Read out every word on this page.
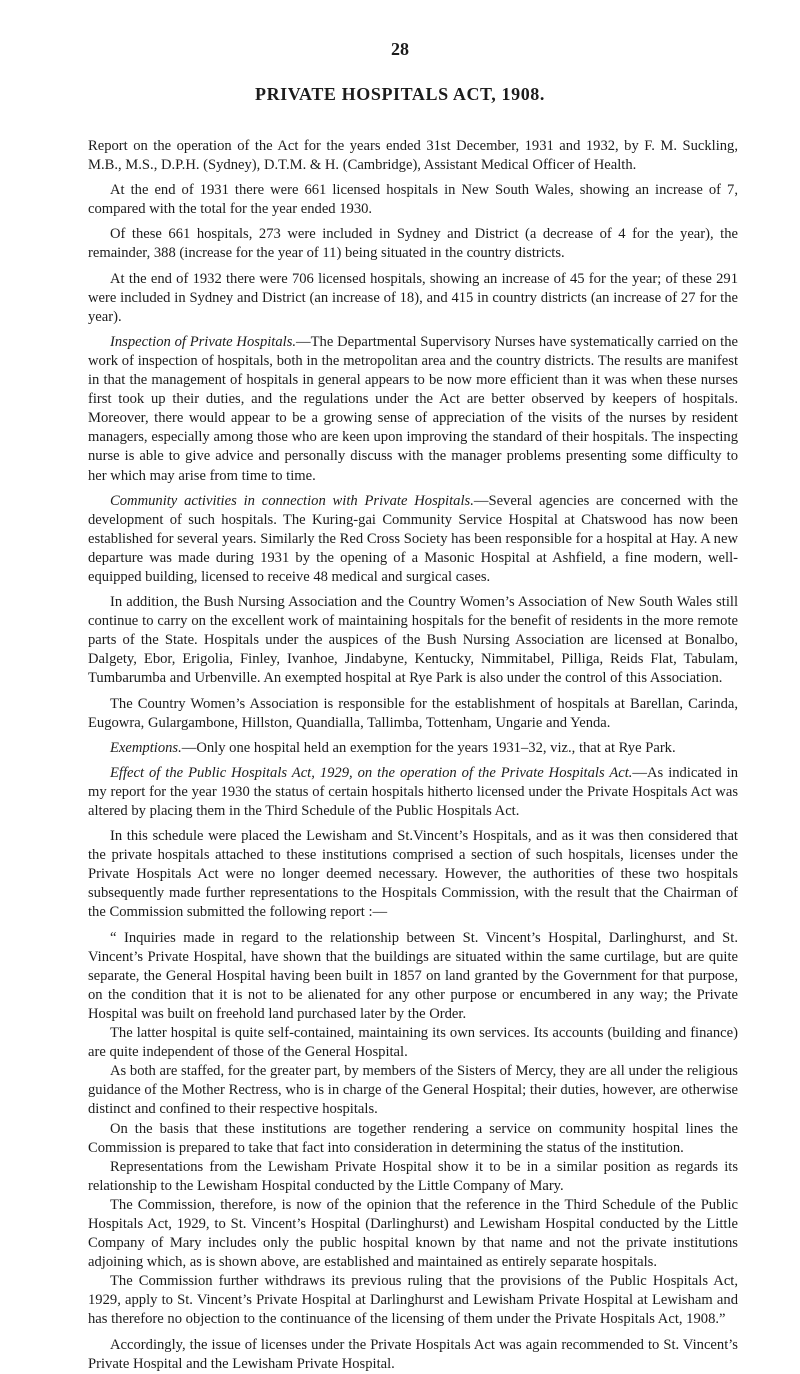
28
PRIVATE HOSPITALS ACT, 1908.

Report on the operation of the Act for the years ended 31st December, 1931 and 1932, by F. M. Suckling, M.B., M.S., D.P.H. (Sydney), D.T.M. & H. (Cambridge), Assistant Medical Officer of Health.

At the end of 1931 there were 661 licensed hospitals in New South Wales, showing an increase of 7, compared with the total for the year ended 1930.

Of these 661 hospitals, 273 were included in Sydney and District (a decrease of 4 for the year), the remainder, 388 (increase for the year of 11) being situated in the country districts.

At the end of 1932 there were 706 licensed hospitals, showing an increase of 45 for the year; of these 291 were included in Sydney and District (an increase of 18), and 415 in country districts (an increase of 27 for the year).

Inspection of Private Hospitals.—The Departmental Supervisory Nurses have systematically carried on the work of inspection of hospitals, both in the metropolitan area and the country districts. The results are manifest in that the management of hospitals in general appears to be now more efficient than it was when these nurses first took up their duties, and the regulations under the Act are better observed by keepers of hospitals. Moreover, there would appear to be a growing sense of appreciation of the visits of the nurses by resident managers, especially among those who are keen upon improving the standard of their hospitals. The inspecting nurse is able to give advice and personally discuss with the manager problems presenting some difficulty to her which may arise from time to time.

Community activities in connection with Private Hospitals.—Several agencies are concerned with the development of such hospitals. The Kuring-gai Community Service Hospital at Chatswood has now been established for several years. Similarly the Red Cross Society has been responsible for a hospital at Hay. A new departure was made during 1931 by the opening of a Masonic Hospital at Ashfield, a fine modern, well-equipped building, licensed to receive 48 medical and surgical cases.

In addition, the Bush Nursing Association and the Country Women’s Association of New South Wales still continue to carry on the excellent work of maintaining hospitals for the benefit of residents in the more remote parts of the State. Hospitals under the auspices of the Bush Nursing Association are licensed at Bonalbo, Dalgety, Ebor, Erigolia, Finley, Ivanhoe, Jindabyne, Kentucky, Nimmitabel, Pilliga, Reids Flat, Tabulam, Tumbarumba and Urbenville. An exempted hospital at Rye Park is also under the control of this Association.

The Country Women’s Association is responsible for the establishment of hospitals at Barellan, Carinda, Eugowra, Gulargambone, Hillston, Quandialla, Tallimba, Tottenham, Ungarie and Yenda.

Exemptions.—Only one hospital held an exemption for the years 1931–32, viz., that at Rye Park.

Effect of the Public Hospitals Act, 1929, on the operation of the Private Hospitals Act.—As indicated in my report for the year 1930 the status of certain hospitals hitherto licensed under the Private Hospitals Act was altered by placing them in the Third Schedule of the Public Hospitals Act.

In this schedule were placed the Lewisham and St.Vincent’s Hospitals, and as it was then considered that the private hospitals attached to these institutions comprised a section of such hospitals, licenses under the Private Hospitals Act were no longer deemed necessary. However, the authorities of these two hospitals subsequently made further representations to the Hospitals Commission, with the result that the Chairman of the Commission submitted the following report :—

“ Inquiries made in regard to the relationship between St. Vincent’s Hospital, Darlinghurst, and St. Vincent’s Private Hospital, have shown that the buildings are situated within the same curtilage, but are quite separate, the General Hospital having been built in 1857 on land granted by the Government for that purpose, on the condition that it is not to be alienated for any other purpose or encumbered in any way; the Private Hospital was built on freehold land purchased later by the Order.

The latter hospital is quite self-contained, maintaining its own services. Its accounts (building and finance) are quite independent of those of the General Hospital.

As both are staffed, for the greater part, by members of the Sisters of Mercy, they are all under the religious guidance of the Mother Rectress, who is in charge of the General Hospital; their duties, however, are otherwise distinct and confined to their respective hospitals.

On the basis that these institutions are together rendering a service on community hospital lines the Commission is prepared to take that fact into consideration in determining the status of the institution.

Representations from the Lewisham Private Hospital show it to be in a similar position as regards its relationship to the Lewisham Hospital conducted by the Little Company of Mary.

The Commission, therefore, is now of the opinion that the reference in the Third Schedule of the Public Hospitals Act, 1929, to St. Vincent’s Hospital (Darlinghurst) and Lewisham Hospital conducted by the Little Company of Mary includes only the public hospital known by that name and not the private institutions adjoining which, as is shown above, are established and maintained as entirely separate hospitals.

The Commission further withdraws its previous ruling that the provisions of the Public Hospitals Act, 1929, apply to St. Vincent’s Private Hospital at Darlinghurst and Lewisham Private Hospital at Lewisham and has therefore no objection to the continuance of the licensing of them under the Private Hospitals Act, 1908.”

Accordingly, the issue of licenses under the Private Hospitals Act was again recommended to St. Vincent’s Private Hospital and the Lewisham Private Hospital.
